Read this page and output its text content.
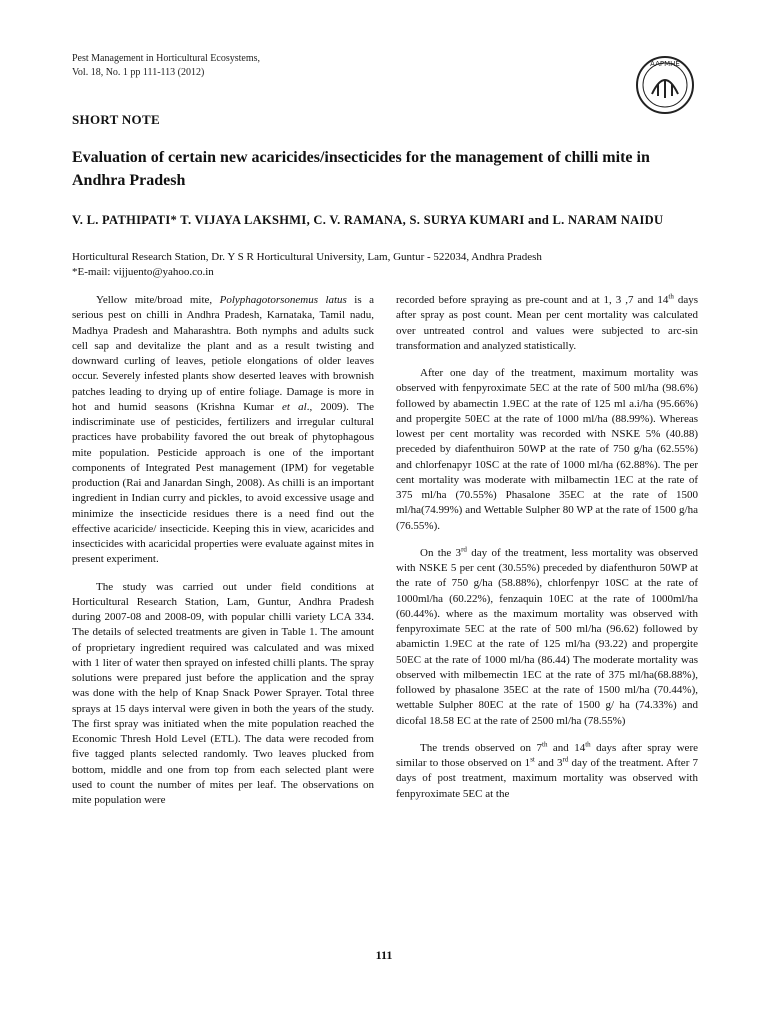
Pest Management in Horticultural Ecosystems,
Vol. 18, No. 1 pp 111-113 (2012)
AAPMHE
SHORT NOTE
Evaluation of certain new acaricides/insecticides for the management of chilli mite in Andhra Pradesh
V. L. PATHIPATI* T. VIJAYA LAKSHMI, C. V. RAMANA, S. SURYA KUMARI and L. NARAM NAIDU
Horticultural Research Station, Dr. Y S R Horticultural University, Lam, Guntur - 522034, Andhra Pradesh
*E-mail: vijjuento@yahoo.co.in

Yellow mite/broad mite, Polyphagotorsonemus latus is a serious pest on chilli in Andhra Pradesh, Karnataka, Tamil nadu, Madhya Pradesh and Maharashtra. Both nymphs and adults suck cell sap and devitalize the plant and as a result twisting and downward curling of leaves, petiole elongations of older leaves occur. Severely infested plants show deserted leaves with brownish patches leading to drying up of entire foliage. Damage is more in hot and humid seasons (Krishna Kumar et al., 2009). The indiscriminate use of pesticides, fertilizers and irregular cultural practices have probability favored the out break of phytophagous mite population. Pesticide approach is one of the important components of Integrated Pest management (IPM) for vegetable production (Rai and Janardan Singh, 2008). As chilli is an important ingredient in Indian curry and pickles, to avoid excessive usage and minimize the insecticide residues there is a need find out the effective acaricide/ insecticide. Keeping this in view, acaricides and insecticides with acaricidal properties were evaluate against mites in present experiment.

The study was carried out under field conditions at Horticultural Research Station, Lam, Guntur, Andhra Pradesh during 2007-08 and 2008-09, with popular chilli variety LCA 334. The details of selected treatments are given in Table 1. The amount of proprietary ingredient required was calculated and was mixed with 1 liter of water then sprayed on infested chilli plants. The spray solutions were prepared just before the application and the spray was done with the help of Knap Snack Power Sprayer. Total three sprays at 15 days interval were given in both the years of the study. The first spray was initiated when the mite population reached the Economic Thresh Hold Level (ETL). The data were recoded from five tagged plants selected randomly. Two leaves plucked from bottom, middle and one from top from each selected plant were used to count the number of mites per leaf. The observations on mite population were

recorded before spraying as pre-count and at 1, 3 ,7 and 14th days after spray as post count. Mean per cent mortality was calculated over untreated control and values were subjected to arc-sin transformation and analyzed statistically.

After one day of the treatment, maximum mortality was observed with fenpyroximate 5EC at the rate of 500 ml/ha (98.6%) followed by abamectin 1.9EC at the rate of 125 ml a.i/ha (95.66%) and propergite 50EC at the rate of 1000 ml/ha (88.99%). Whereas lowest per cent mortality was recorded with NSKE 5% (40.88) preceded by diafenthuiron 50WP at the rate of 750 g/ha (62.55%) and chlorfenapyr 10SC at the rate of 1000 ml/ha (62.88%). The per cent mortality was moderate with milbamectin 1EC at the rate of 375 ml/ha (70.55%) Phasalone 35EC at the rate of 1500 ml/ha(74.99%) and Wettable Sulpher 80 WP at the rate of 1500 g/ha (76.55%).

On the 3rd day of the treatment, less mortality was observed with NSKE 5 per cent (30.55%) preceded by diafenthuron 50WP at the rate of 750 g/ha (58.88%), chlorfenpyr 10SC at the rate of 1000ml/ha (60.22%), fenzaquin 10EC at the rate of 1000ml/ha (60.44%). where as the maximum mortality was observed with fenpyroximate 5EC at the rate of 500 ml/ha (96.62) followed by abamictin 1.9EC at the rate of 125 ml/ha (93.22) and propergite 50EC at the rate of 1000 ml/ha (86.44) The moderate mortality was observed with milbemectin 1EC at the rate of 375 ml/ha(68.88%), followed by phasalone 35EC at the rate of 1500 ml/ha (70.44%), wettable Sulpher 80EC at the rate of 1500 g/ ha (74.33%) and dicofal 18.58 EC at the rate of 2500 ml/ha (78.55%)

The trends observed on 7th and 14th days after spray were similar to those observed on 1st and 3rd day of the treatment. After 7 days of post treatment, maximum mortality was observed with fenpyroximate 5EC at the

111
